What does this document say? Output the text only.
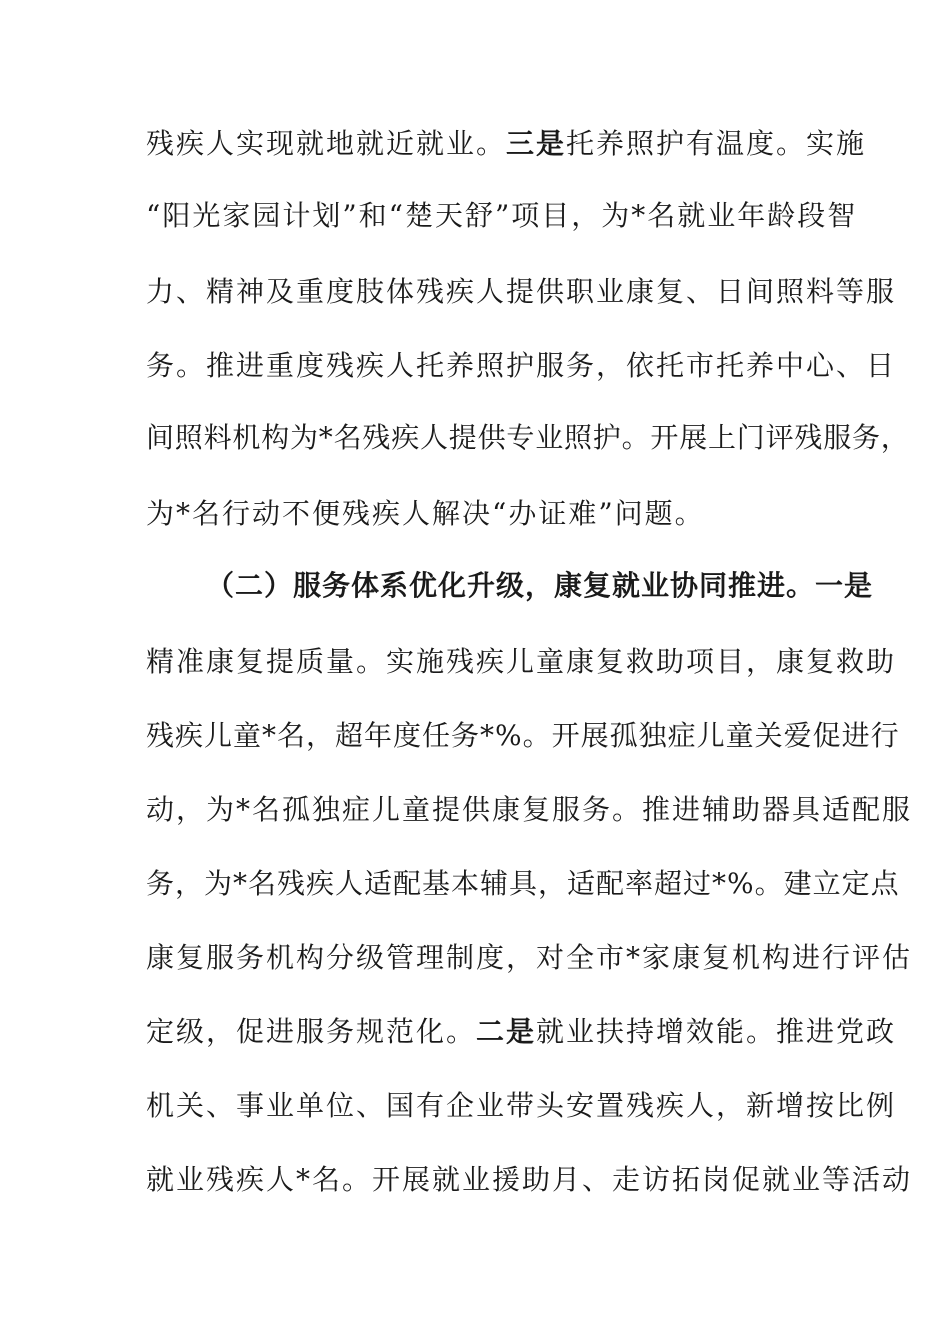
残疾人实现就地就近就业。三是托养照护有温度。实施
“阳光家园计划”和“楚天舒”项目，为*名就业年龄段智
力、精神及重度肢体残疾人提供职业康复、日间照料等服
务。推进重度残疾人托养照护服务，依托市托养中心、日
间照料机构为*名残疾人提供专业照护。开展上门评残服务，
为*名行动不便残疾人解决“办证难”问题。
（二）服务体系优化升级，康复就业协同推进。一是
精准康复提质量。实施残疾儿童康复救助项目，康复救助
残疾儿童*名，超年度任务*%。开展孤独症儿童关爱促进行
动，为*名孤独症儿童提供康复服务。推进辅助器具适配服
务，为*名残疾人适配基本辅具，适配率超过*%。建立定点
康复服务机构分级管理制度，对全市*家康复机构进行评估
定级，促进服务规范化。二是就业扶持增效能。推进党政
机关、事业单位、国有企业带头安置残疾人，新增按比例
就业残疾人*名。开展就业援助月、走访拓岗促就业等活动
